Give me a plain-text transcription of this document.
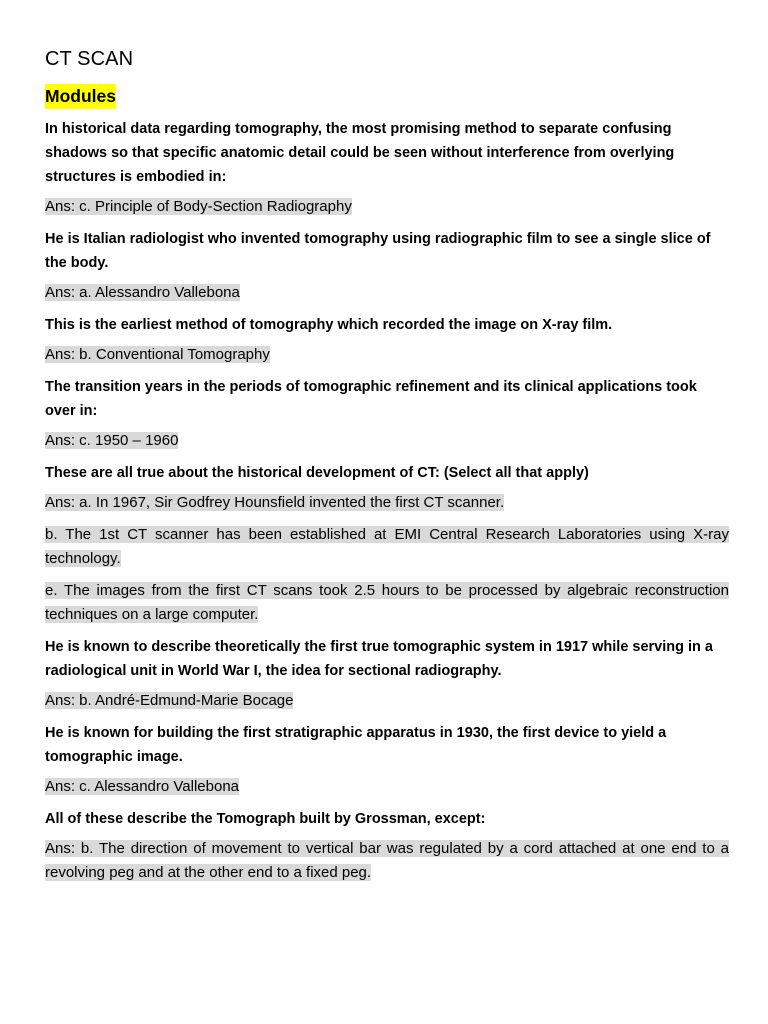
CT SCAN
Modules
In historical data regarding tomography, the most promising method to separate confusing shadows so that specific anatomic detail could be seen without interference from overlying structures is embodied in:
Ans: c. Principle of Body-Section Radiography
He is Italian radiologist who invented tomography using radiographic film to see a single slice of the body.
Ans: a. Alessandro Vallebona
This is the earliest method of tomography which recorded the image on X-ray film.
Ans: b. Conventional Tomography
The transition years in the periods of tomographic refinement and its clinical applications took over in:
Ans: c. 1950 – 1960
These are all true about the historical development of CT: (Select all that apply)
Ans: a. In 1967, Sir Godfrey Hounsfield invented the first CT scanner.
b. The 1st CT scanner has been established at EMI Central Research Laboratories using X-ray technology.
e. The images from the first CT scans took 2.5 hours to be processed by algebraic reconstruction techniques on a large computer.
He is known to describe theoretically the first true tomographic system in 1917 while serving in a radiological unit in World War I, the idea for sectional radiography.
Ans: b. André-Edmund-Marie Bocage
He is known for building the first stratigraphic apparatus in 1930, the first device to yield a tomographic image.
Ans: c. Alessandro Vallebona
All of these describe the Tomograph built by Grossman, except:
Ans: b. The direction of movement to vertical bar was regulated by a cord attached at one end to a revolving peg and at the other end to a fixed peg.
